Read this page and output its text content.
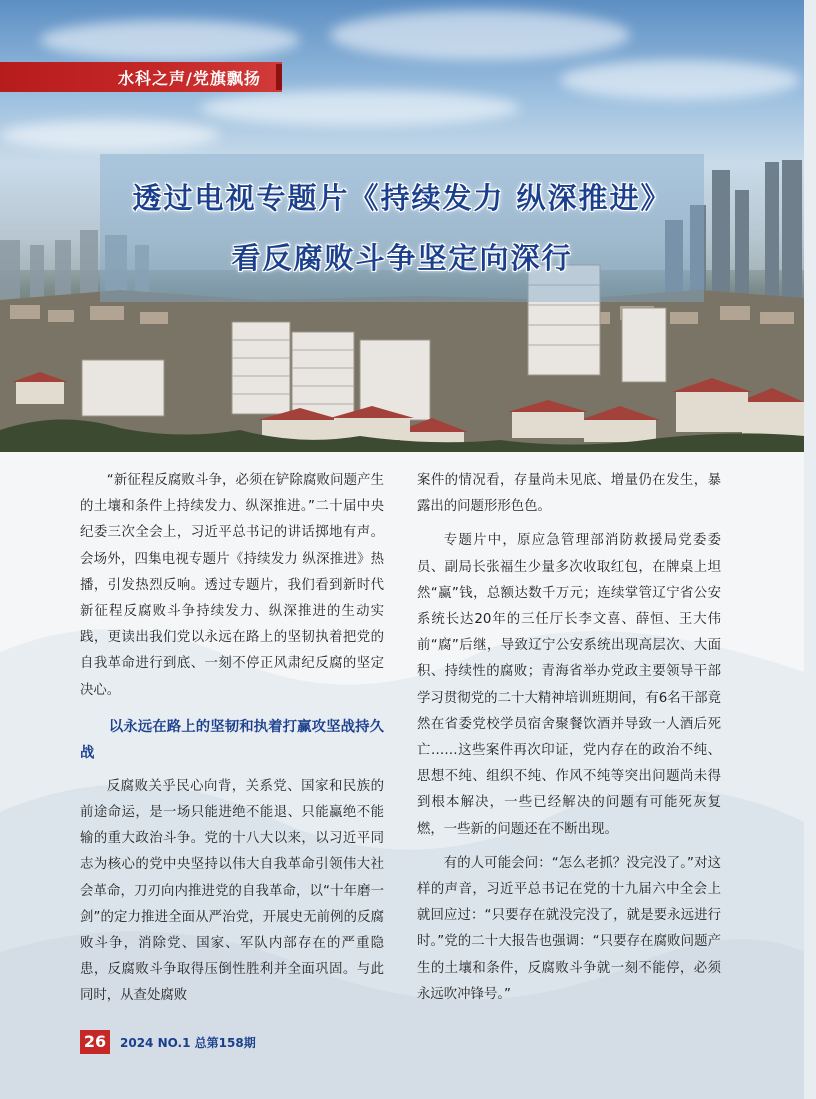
水科之声/党旗飘扬
透过电视专题片《持续发力 纵深推进》
看反腐败斗争坚定向深行

“新征程反腐败斗争，必须在铲除腐败问题产生的土壤和条件上持续发力、纵深推进。”二十届中央纪委三次全会上，习近平总书记的讲话掷地有声。会场外，四集电视专题片《持续发力 纵深推进》热播，引发热烈反响。透过专题片，我们看到新时代新征程反腐败斗争持续发力、纵深推进的生动实践，更读出我们党以永远在路上的坚韧执着把党的自我革命进行到底、一刻不停正风肃纪反腐的坚定决心。

以永远在路上的坚韧和执着打赢攻坚战持久战

反腐败关乎民心向背，关系党、国家和民族的前途命运，是一场只能进绝不能退、只能赢绝不能输的重大政治斗争。党的十八大以来，以习近平同志为核心的党中央坚持以伟大自我革命引领伟大社会革命，刀刃向内推进党的自我革命，以“十年磨一剑”的定力推进全面从严治党，开展史无前例的反腐败斗争，消除党、国家、军队内部存在的严重隐患，反腐败斗争取得压倒性胜利并全面巩固。与此同时，从查处腐败

案件的情况看，存量尚未见底、增量仍在发生，暴露出的问题形形色色。

专题片中，原应急管理部消防救援局党委委员、副局长张福生少量多次收取红包，在牌桌上坦然“赢”钱，总额达数千万元；连续掌管辽宁省公安系统长达20年的三任厅长李文喜、薛恒、王大伟前“腐”后继，导致辽宁公安系统出现高层次、大面积、持续性的腐败；青海省举办党政主要领导干部学习贯彻党的二十大精神培训班期间，有6名干部竟然在省委党校学员宿舍聚餐饮酒并导致一人酒后死亡……这些案件再次印证，党内存在的政治不纯、思想不纯、组织不纯、作风不纯等突出问题尚未得到根本解决，一些已经解决的问题有可能死灰复燃，一些新的问题还在不断出现。

有的人可能会问：“怎么老抓？没完没了。”对这样的声音，习近平总书记在党的十九届六中全会上就回应过：“只要存在就没完没了，就是要永远进行时。”党的二十大报告也强调：“只要存在腐败问题产生的土壤和条件，反腐败斗争就一刻不能停，必须永远吹冲锋号。”

26	2024 NO.1 总第158期
